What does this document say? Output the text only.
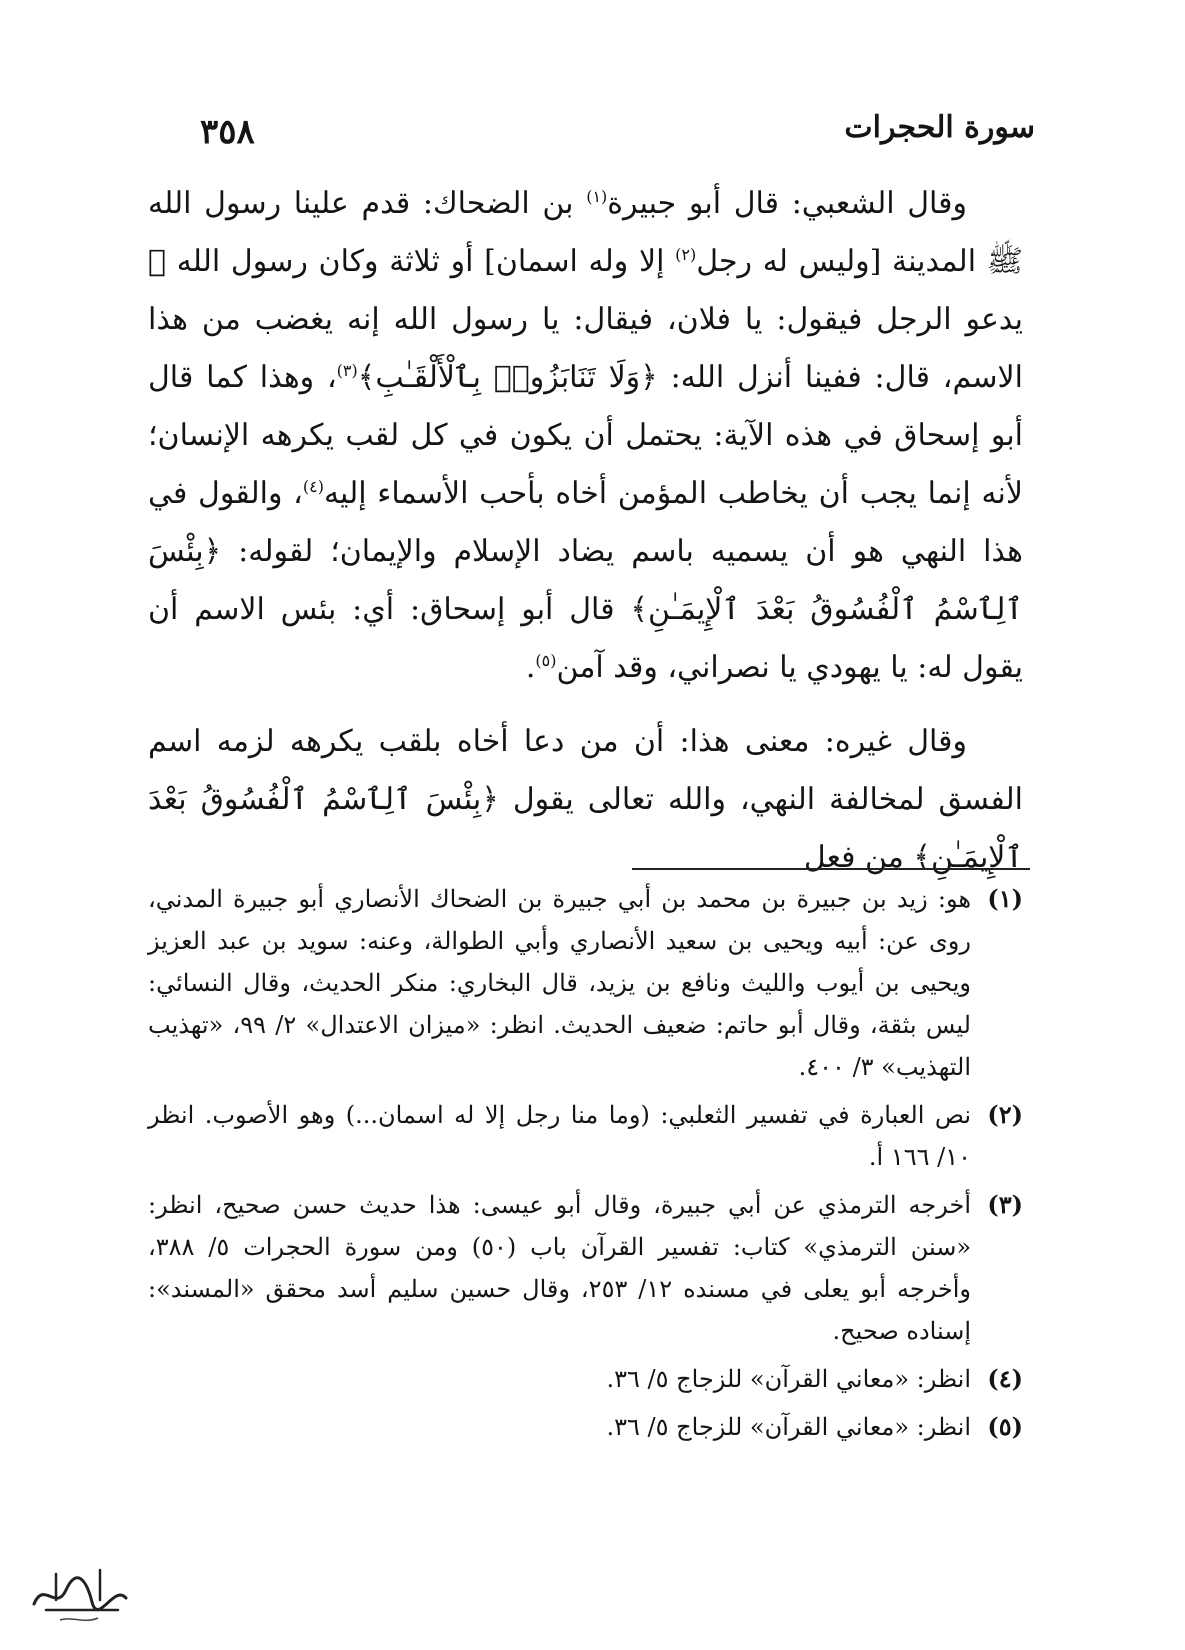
سورة الحجرات
٣٥٨

وقال الشعبي: قال أبو جبيرة$^{(١)}$ بن الضحاك: قدم علينا رسول الله ﷺ المدينة [وليس له رجل$^{(٢)}$ إلا وله اسمان] أو ثلاثة وكان رسول الله ﷺ يدعو الرجل فيقول: يا فلان، فيقال: يا رسول الله إنه يغضب من هذا الاسم، قال: ففينا أنزل الله: ﴿وَلَا تَنَابَزُوا۟ بِٱلْأَلْقَـٰبِ﴾$^{(٣)}$، وهذا كما قال أبو إسحاق في هذه الآية: يحتمل أن يكون في كل لقب يكرهه الإنسان؛ لأنه إنما يجب أن يخاطب المؤمن أخاه بأحب الأسماء إليه$^{(٤)}$، والقول في هذا النهي هو أن يسميه باسم يضاد الإسلام والإيمان؛ لقوله: ﴿بِئْسَ ٱلِٱسْمُ ٱلْفُسُوقُ بَعْدَ ٱلْإِيمَـٰنِ﴾ قال أبو إسحاق: أي: بئس الاسم أن يقول له: يا يهودي يا نصراني، وقد آمن$^{(٥)}$.

وقال غيره: معنى هذا: أن من دعا أخاه بلقب يكرهه لزمه اسم الفسق لمخالفة النهي، والله تعالى يقول ﴿بِئْسَ ٱلِٱسْمُ ٱلْفُسُوقُ بَعْدَ ٱلْإِيمَـٰنِ﴾ من فعل

(١)
هو: زيد بن جبيرة بن محمد بن أبي جبيرة بن الضحاك الأنصاري أبو جبيرة المدني، روى عن: أبيه ويحيى بن سعيد الأنصاري وأبي الطوالة، وعنه: سويد بن عبد العزيز ويحيى بن أيوب والليث ونافع بن يزيد، قال البخاري: منكر الحديث، وقال النسائي: ليس بثقة، وقال أبو حاتم: ضعيف الحديث. انظر: «ميزان الاعتدال» ٢/ ٩٩، «تهذيب التهذيب» ٣/ ٤٠٠.
(٢)
نص العبارة في تفسير الثعلبي: (وما منا رجل إلا له اسمان...) وهو الأصوب. انظر ١٠/ ١٦٦ أ.
(٣)
أخرجه الترمذي عن أبي جبيرة، وقال أبو عيسى: هذا حديث حسن صحيح، انظر: «سنن الترمذي» كتاب: تفسير القرآن باب (٥٠) ومن سورة الحجرات ٥/ ٣٨٨، وأخرجه أبو يعلى في مسنده ١٢/ ٢٥٣، وقال حسين سليم أسد محقق «المسند»: إسناده صحيح.
(٤)
انظر: «معاني القرآن» للزجاج ٥/ ٣٦.
(٥)
انظر: «معاني القرآن» للزجاج ٥/ ٣٦.
